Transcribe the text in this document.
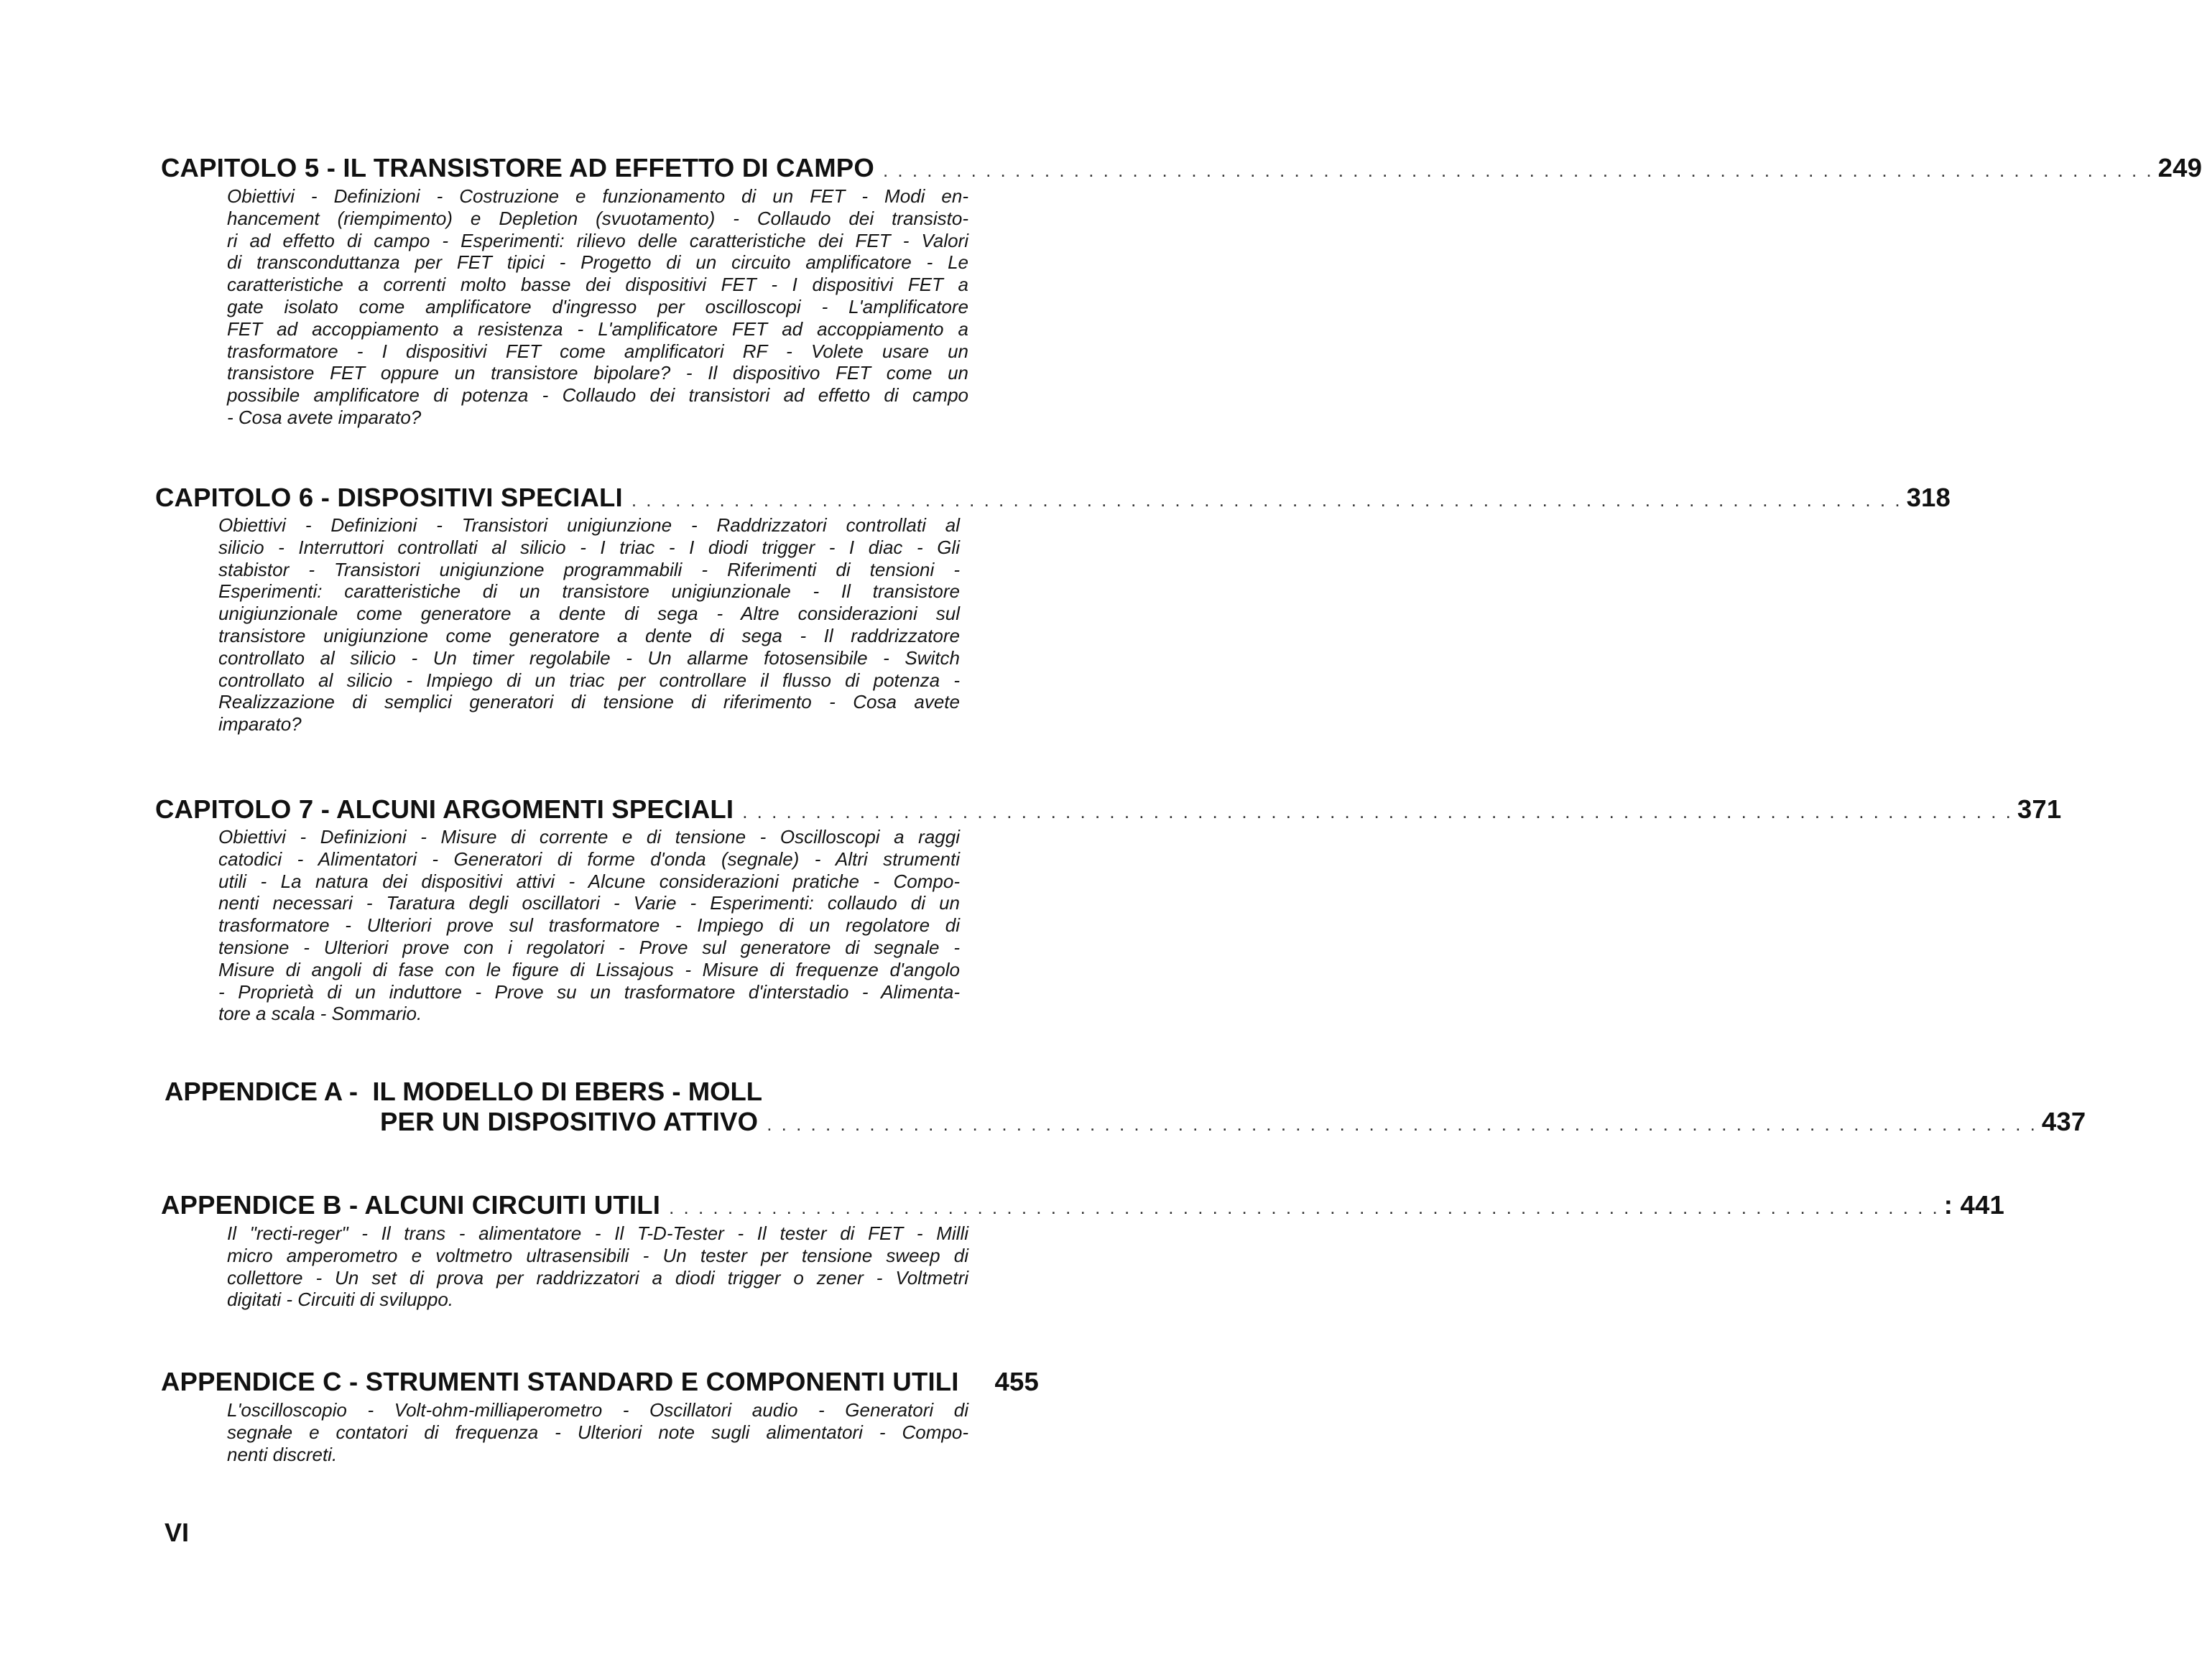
CAPITOLO 5 - IL TRANSISTORE AD EFFETTO DI CAMPO . . . . . . . . . . . . . . . . . . . . . . . . . . . . . . . . . . . . . . . . . . . . . . . . . . . . . . . . . . . . . . . . . . . . . . . . . . . . . . . . . . . . . . . 249
Obiettivi - Definizioni - Costruzione e funzionamento di un FET - Modi en-
hancement (riempimento) e Depletion (svuotamento) - Collaudo dei transisto-
ri ad effetto di campo - Esperimenti: rilievo delle caratteristiche dei FET - Valori
di transconduttanza per FET tipici - Progetto di un circuito amplificatore - Le
caratteristiche a correnti molto basse dei dispositivi FET - I dispositivi FET a
gate isolato come amplificatore d'ingresso per oscilloscopi - L'amplificatore
FET ad accoppiamento a resistenza - L'amplificatore FET ad accoppiamento a
trasformatore - I dispositivi FET come amplificatori RF - Volete usare un
transistore FET oppure un transistore bipolare? - Il dispositivo FET come un
possibile amplificatore di potenza - Collaudo dei transistori ad effetto di campo
- Cosa avete imparato?
CAPITOLO 6 - DISPOSITIVI SPECIALI . . . . . . . . . . . . . . . . . . . . . . . . . . . . . . . . . . . . . . . . . . . . . . . . . . . . . . . . . . . . . . . . . . . . . . . . . . . . . . . . . . . . . . . 318
Obiettivi - Definizioni - Transistori unigiunzione - Raddrizzatori controllati al
silicio - Interruttori controllati al silicio - I triac - I diodi trigger - I diac - Gli
stabistor - Transistori unigiunzione programmabili - Riferimenti di tensioni -
Esperimenti: caratteristiche di un transistore unigiunzionale - Il transistore
unigiunzionale come generatore a dente di sega - Altre considerazioni sul
transistore unigiunzione come generatore a dente di sega - Il raddrizzatore
controllato al silicio - Un timer regolabile - Un allarme fotosensibile - Switch
controllato al silicio - Impiego di un triac per controllare il flusso di potenza -
Realizzazione di semplici generatori di tensione di riferimento - Cosa avete
imparato?
CAPITOLO 7 - ALCUNI ARGOMENTI SPECIALI . . . . . . . . . . . . . . . . . . . . . . . . . . . . . . . . . . . . . . . . . . . . . . . . . . . . . . . . . . . . . . . . . . . . . . . . . . . . . . . . . . . . . . . 371
Obiettivi - Definizioni - Misure di corrente e di tensione - Oscilloscopi a raggi
catodici - Alimentatori - Generatori di forme d'onda (segnale) - Altri strumenti
utili - La natura dei dispositivi attivi - Alcune considerazioni pratiche - Compo-
nenti necessari - Taratura degli oscillatori - Varie - Esperimenti: collaudo di un
trasformatore - Ulteriori prove sul trasformatore - Impiego di un regolatore di
tensione - Ulteriori prove con i regolatori - Prove sul generatore di segnale -
Misure di angoli di fase con le figure di Lissajous - Misure di frequenze d'angolo
- Proprietà di un induttore - Prove su un trasformatore d'interstadio - Alimenta-
tore a scala - Sommario.
APPENDICE A -  IL MODELLO DI EBERS - MOLL
PER UN DISPOSITIVO ATTIVO . . . . . . . . . . . . . . . . . . . . . . . . . . . . . . . . . . . . . . . . . . . . . . . . . . . . . . . . . . . . . . . . . . . . . . . . . . . . . . . . . . . . . . . 437
APPENDICE B - ALCUNI CIRCUITI UTILI . . . . . . . . . . . . . . . . . . . . . . . . . . . . . . . . . . . . . . . . . . . . . . . . . . . . . . . . . . . . . . . . . . . . . . . . . . . . . . . . . . . . . . . : 441
Il "recti-reger" - Il trans - alimentatore - Il T-D-Tester - Il tester di FET - Milli
micro amperometro e voltmetro ultrasensibili - Un tester per tensione sweep di
collettore - Un set di prova per raddrizzatori a diodi trigger o zener - Voltmetri
digitati - Circuiti di sviluppo.
APPENDICE C - STRUMENTI STANDARD E COMPONENTI UTILI 455
L'oscilloscopio - Volt-ohm-milliaperometro - Oscillatori audio - Generatori di
segnałe e contatori di frequenza - Ulteriori note sugli alimentatori - Compo-
nenti discreti.
VI
